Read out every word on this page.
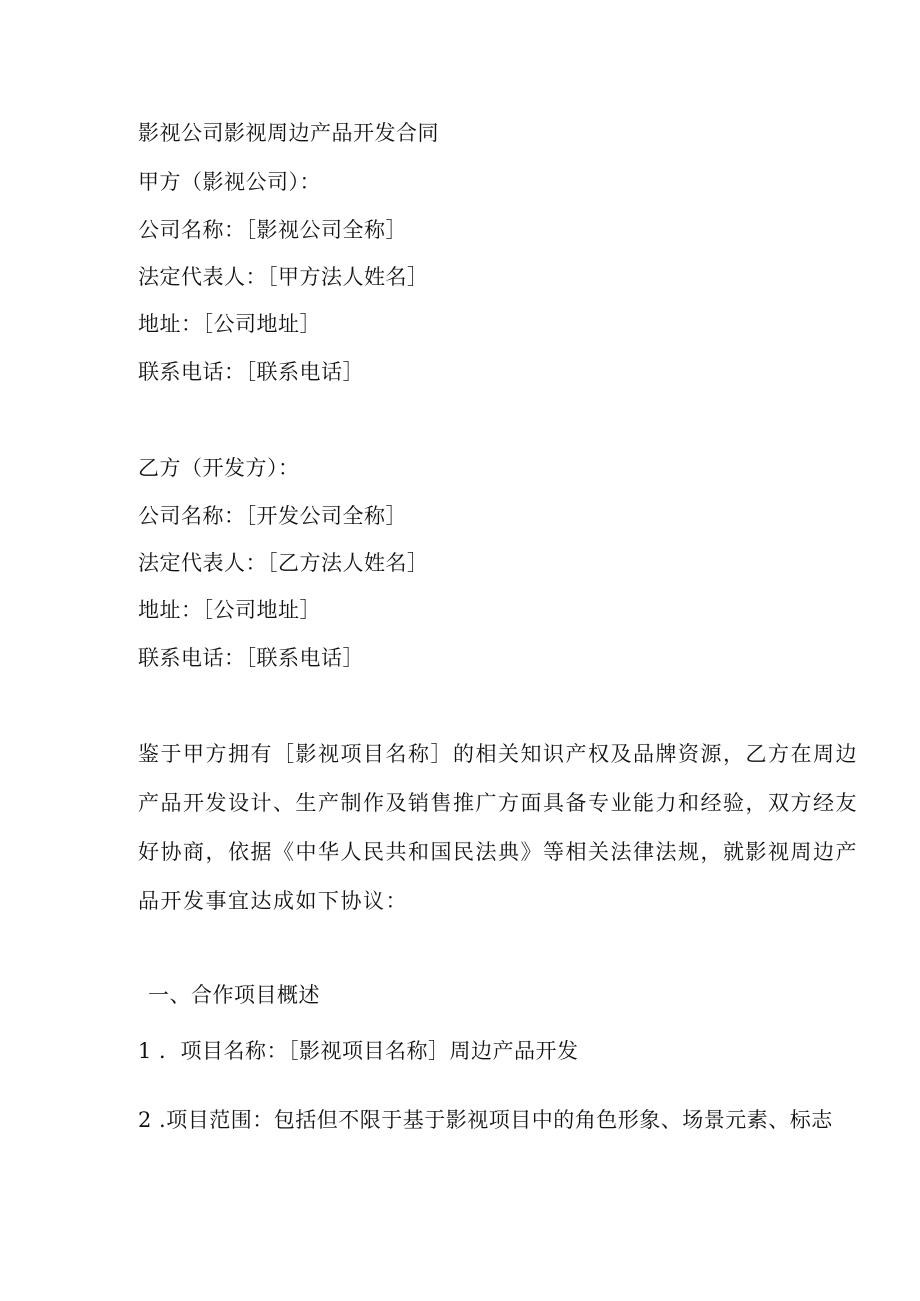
影视公司影视周边产品开发合同
甲方（影视公司）：
公司名称：［影视公司全称］
法定代表人：［甲方法人姓名］
地址：［公司地址］
联系电话：［联系电话］
乙方（开发方）：
公司名称：［开发公司全称］
法定代表人：［乙方法人姓名］
地址：［公司地址］
联系电话：［联系电话］
鉴于甲方拥有［影视项目名称］的相关知识产权及品牌资源，乙方在周边
产品开发设计、生产制作及销售推广方面具备专业能力和经验，双方经友
好协商，依据《中华人民共和国民法典》等相关法律法规，就影视周边产
品开发事宜达成如下协议：
一、合作项目概述
1 ．项目名称：［影视项目名称］周边产品开发
2 .项目范围：包括但不限于基于影视项目中的角色形象、场景元素、标志
